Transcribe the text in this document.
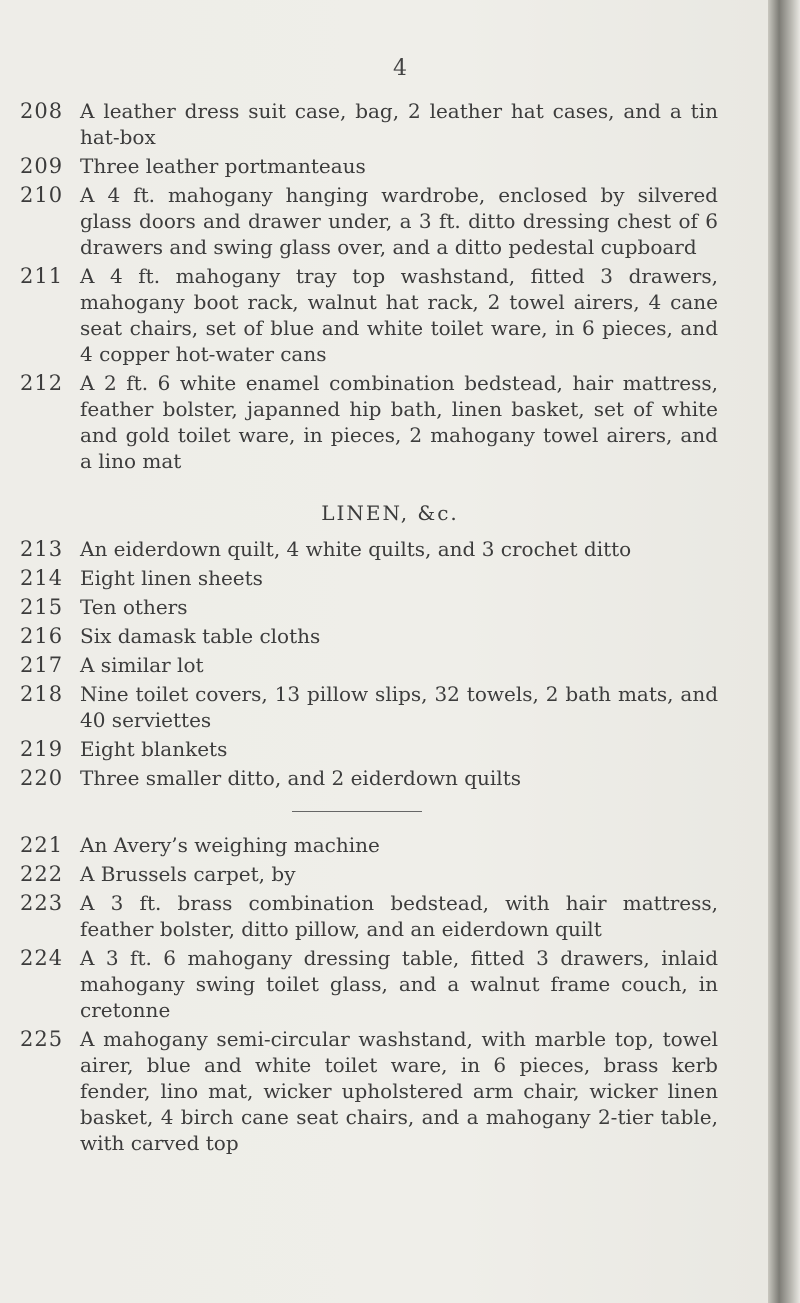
4
208 A leather dress suit case, bag, 2 leather hat cases, and a tin hat-box
209 Three leather portmanteaus
210 A 4 ft. mahogany hanging wardrobe, enclosed by silvered glass doors and drawer under, a 3 ft. ditto dressing chest of 6 drawers and swing glass over, and a ditto pedestal cupboard
211 A 4 ft. mahogany tray top washstand, fitted 3 drawers, mahogany boot rack, walnut hat rack, 2 towel airers, 4 cane seat chairs, set of blue and white toilet ware, in 6 pieces, and 4 copper hot-water cans
212 A 2 ft. 6 white enamel combination bedstead, hair mattress, feather bolster, japanned hip bath, linen basket, set of white and gold toilet ware, in pieces, 2 mahogany towel airers, and a lino mat
LINEN, &c.
213 An eiderdown quilt, 4 white quilts, and 3 crochet ditto
214 Eight linen sheets
215 Ten others
216 Six damask table cloths
217 A similar lot
218 Nine toilet covers, 13 pillow slips, 32 towels, 2 bath mats, and 40 serviettes
219 Eight blankets
220 Three smaller ditto, and 2 eiderdown quilts
221 An Avery’s weighing machine
222 A Brussels carpet, by
223 A 3 ft. brass combination bedstead, with hair mattress, feather bolster, ditto pillow, and an eiderdown quilt
224 A 3 ft. 6 mahogany dressing table, fitted 3 drawers, inlaid mahogany swing toilet glass, and a walnut frame couch, in cretonne
225 A mahogany semi-circular washstand, with marble top, towel airer, blue and white toilet ware, in 6 pieces, brass kerb fender, lino mat, wicker upholstered arm chair, wicker linen basket, 4 birch cane seat chairs, and a mahogany 2-tier table, with carved top
